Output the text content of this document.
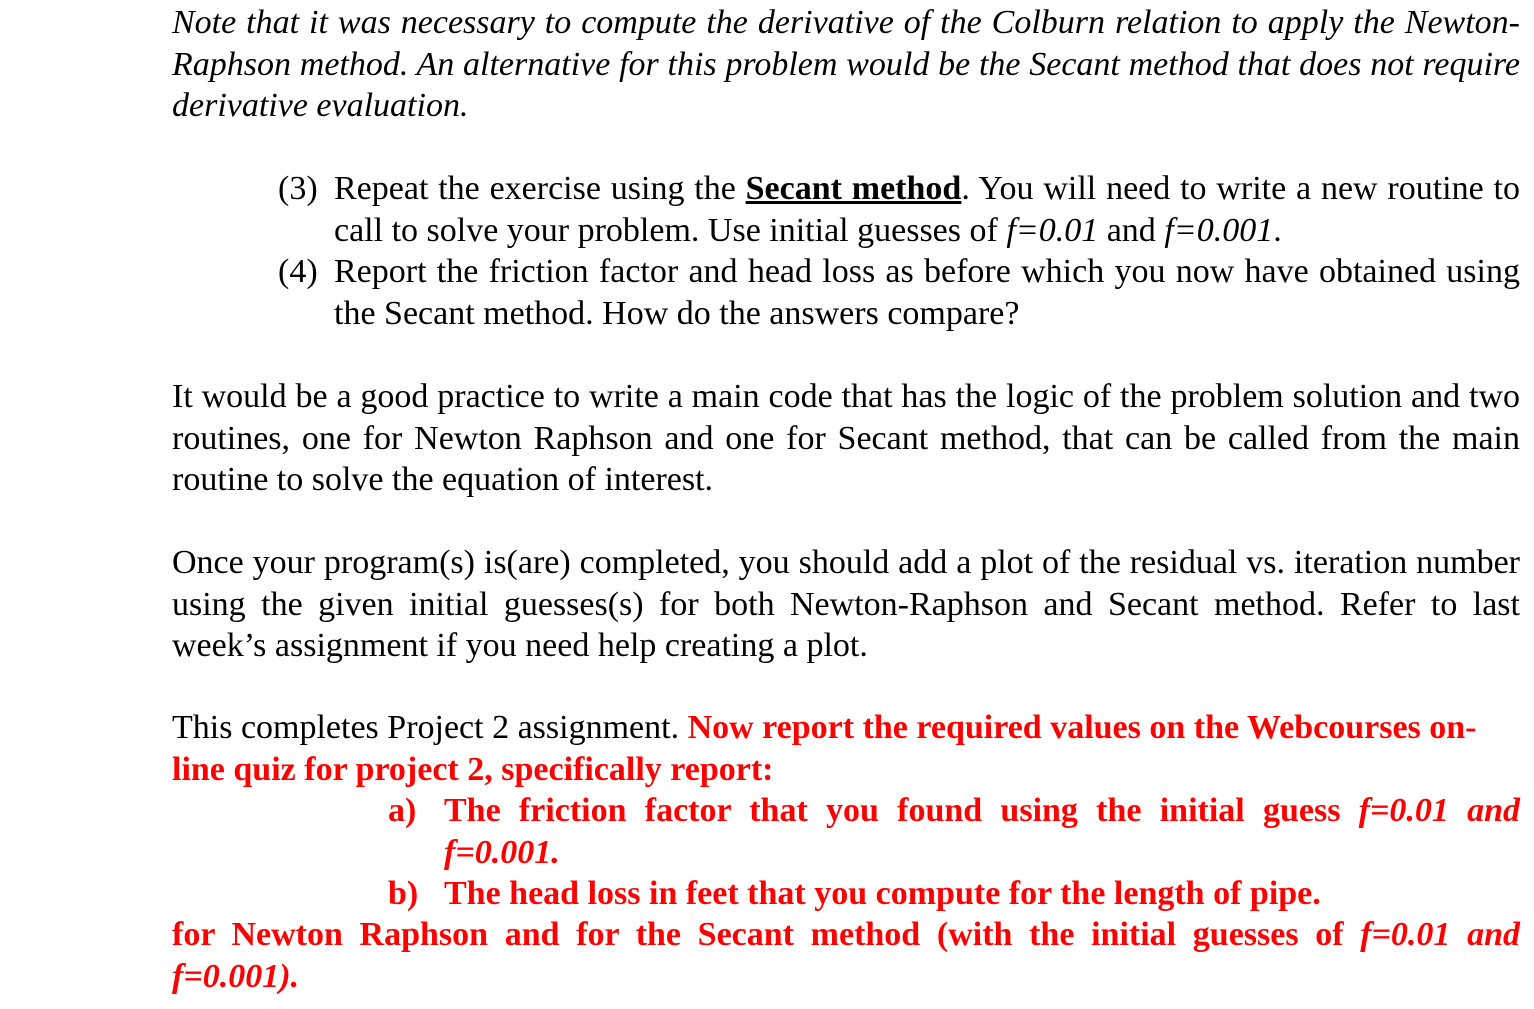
Note that it was necessary to compute the derivative of the Colburn relation to apply the Newton-Raphson method. An alternative for this problem would be the Secant method that does not require derivative evaluation.

(3) Repeat the exercise using the Secant method. You will need to write a new routine to call to solve your problem. Use initial guesses of f=0.01 and f=0.001.
(4) Report the friction factor and head loss as before which you now have obtained using the Secant method. How do the answers compare?

It would be a good practice to write a main code that has the logic of the problem solution and two routines, one for Newton Raphson and one for Secant method, that can be called from the main routine to solve the equation of interest.

Once your program(s) is(are) completed, you should add a plot of the residual vs. iteration number using the given initial guesses(s) for both Newton-Raphson and Secant method. Refer to last week’s assignment if you need help creating a plot.

This completes Project 2 assignment. Now report the required values on the Webcourses on-line quiz for project 2, specifically report:

a) The friction factor that you found using the initial guess f=0.01 and f=0.001.
b) The head loss in feet that you compute for the length of pipe.

for Newton Raphson and for the Secant method (with the initial guesses of f=0.01 and f=0.001).
